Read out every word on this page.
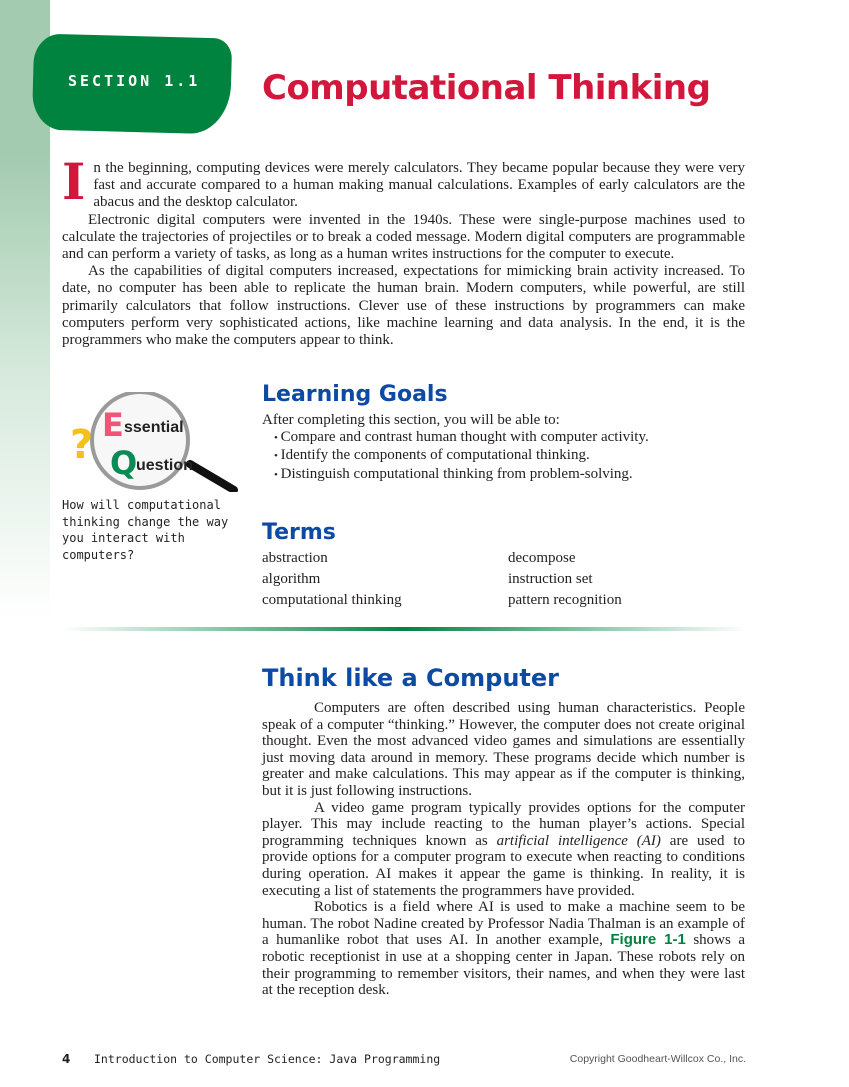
SECTION 1.1 Computational Thinking

In the beginning, computing devices were merely calculators. They became popular because they were very fast and accurate compared to a human making manual calculations. Examples of early calculators are the abacus and the desktop calculator.

Electronic digital computers were invented in the 1940s. These were single-purpose machines used to calculate the trajectories of projectiles or to break a coded message. Modern digital computers are programmable and can perform a variety of tasks, as long as a human writes instructions for the computer to execute.

As the capabilities of digital computers increased, expectations for mimicking brain activity increased. To date, no computer has been able to replicate the human brain. Modern computers, while powerful, are still primarily calculators that follow instructions. Clever use of these instructions by programmers can make computers perform very sophisticated actions, like machine learning and data analysis. In the end, it is the programmers who make the computers appear to think.

? E ssential
Q
uestion
How will computational thinking change the way you interact with computers?
Learning Goals
After completing this section, you will be able to:
• Compare and contrast human thought with computer activity.
• Identify the components of computational thinking.
• Distinguish computational thinking from problem-solving.
Terms
abstraction	decompose
algorithm	instruction set
computational thinking	pattern recognition
Think like a Computer

Computers are often described using human characteristics. People speak of a computer “thinking.” However, the computer does not create original thought. Even the most advanced video games and simulations are essentially just moving data around in memory. These programs decide which number is greater and make calculations. This may appear as if the computer is thinking, but it is just following instructions.

A video game program typically provides options for the computer player. This may include reacting to the human player’s actions. Special programming techniques known as artificial intelligence (AI) are used to provide options for a computer program to execute when reacting to conditions during operation. AI makes it appear the game is thinking. In reality, it is executing a list of statements the programmers have provided.

Robotics is a field where AI is used to make a machine seem to be human. The robot Nadine created by Professor Nadia Thalman is an example of a humanlike robot that uses AI. In another example, Figure 1-1 shows a robotic receptionist in use at a shopping center in Japan. These robots rely on their programming to remember visitors, their names, and when they were last at the reception desk.

4 Introduction to Computer Science: Java Programming	Copyright Goodheart-Willcox Co., Inc.
